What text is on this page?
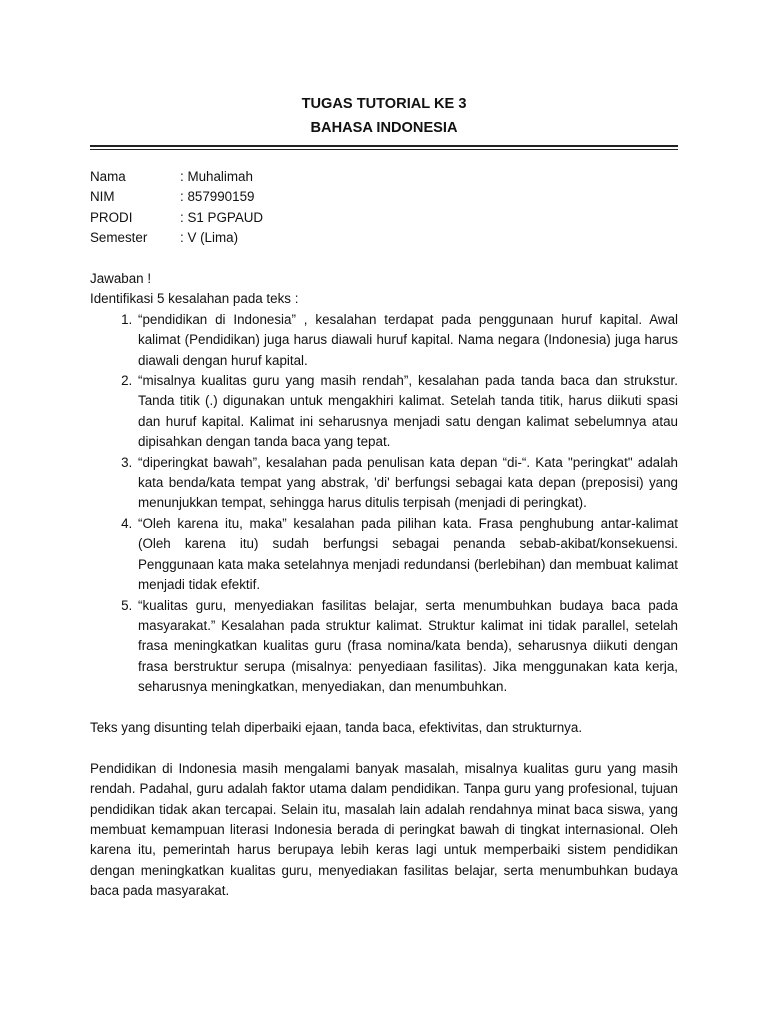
TUGAS TUTORIAL KE 3
BAHASA INDONESIA
Nama	: Muhalimah
NIM	: 857990159
PRODI	: S1 PGPAUD
Semester	: V (Lima)
Jawaban !
Identifikasi 5 kesalahan pada teks :
1. “pendidikan di Indonesia” , kesalahan terdapat pada penggunaan huruf kapital. Awal kalimat (Pendidikan) juga harus diawali huruf kapital. Nama negara (Indonesia) juga harus diawali dengan huruf kapital.
2. “misalnya kualitas guru yang masih rendah”, kesalahan pada tanda baca dan strukstur. Tanda titik (.) digunakan untuk mengakhiri kalimat. Setelah tanda titik, harus diikuti spasi dan huruf kapital. Kalimat ini seharusnya menjadi satu dengan kalimat sebelumnya atau dipisahkan dengan tanda baca yang tepat.
3. “diperingkat bawah”, kesalahan pada penulisan kata depan “di-“. Kata "peringkat" adalah kata benda/kata tempat yang abstrak, 'di' berfungsi sebagai kata depan (preposisi) yang menunjukkan tempat, sehingga harus ditulis terpisah (menjadi di peringkat).
4. “Oleh karena itu, maka” kesalahan pada pilihan kata. Frasa penghubung antar-kalimat (Oleh karena itu) sudah berfungsi sebagai penanda sebab-akibat/konsekuensi. Penggunaan kata maka setelahnya menjadi redundansi (berlebihan) dan membuat kalimat menjadi tidak efektif.
5. “kualitas guru, menyediakan fasilitas belajar, serta menumbuhkan budaya baca pada masyarakat.” Kesalahan pada struktur kalimat. Struktur kalimat ini tidak parallel, setelah frasa meningkatkan kualitas guru (frasa nomina/kata benda), seharusnya diikuti dengan frasa berstruktur serupa (misalnya: penyediaan fasilitas). Jika menggunakan kata kerja, seharusnya meningkatkan, menyediakan, dan menumbuhkan.

Teks yang disunting telah diperbaiki ejaan, tanda baca, efektivitas, dan strukturnya.

Pendidikan di Indonesia masih mengalami banyak masalah, misalnya kualitas guru yang masih rendah. Padahal, guru adalah faktor utama dalam pendidikan. Tanpa guru yang profesional, tujuan pendidikan tidak akan tercapai. Selain itu, masalah lain adalah rendahnya minat baca siswa, yang membuat kemampuan literasi Indonesia berada di peringkat bawah di tingkat internasional. Oleh karena itu, pemerintah harus berupaya lebih keras lagi untuk memperbaiki sistem pendidikan dengan meningkatkan kualitas guru, menyediakan fasilitas belajar, serta menumbuhkan budaya baca pada masyarakat.
